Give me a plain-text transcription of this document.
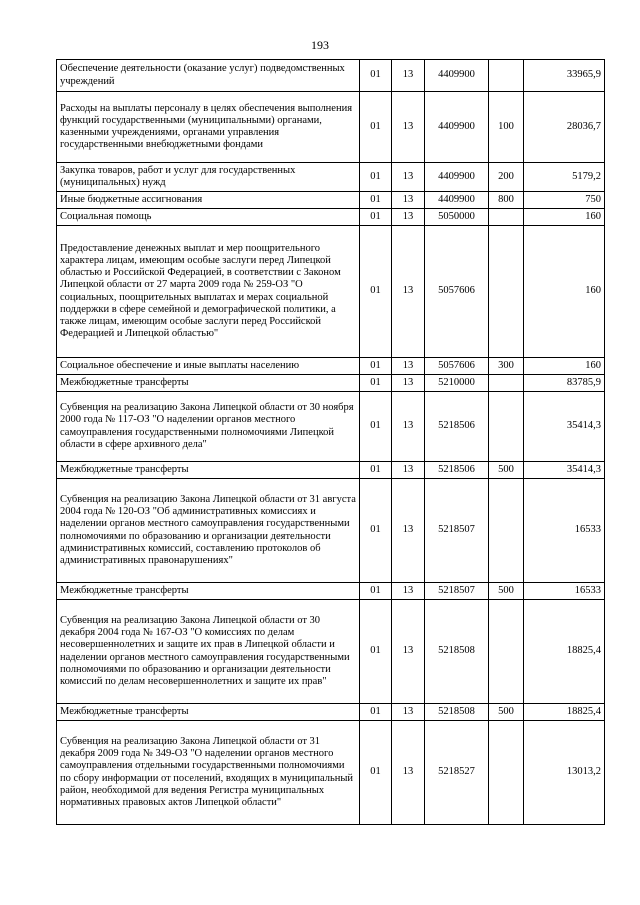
193
Обеспечение деятельности (оказание услуг) подведомственных учреждений	01	13	4409900		33965,9
Расходы на выплаты персоналу в целях обеспечения выполнения функций государственными (муниципальными) органами, казенными учреждениями, органами управления государственными внебюджетными фондами	01	13	4409900	100	28036,7
Закупка товаров, работ и услуг для государственных (муниципальных) нужд	01	13	4409900	200	5179,2
Иные бюджетные ассигнования	01	13	4409900	800	750
Социальная помощь	01	13	5050000		160
Предоставление денежных выплат и мер поощрительного характера лицам, имеющим особые заслуги перед Липецкой областью и Российской Федерацией, в соответствии с Законом Липецкой области от 27 марта 2009 года № 259-ОЗ "О социальных, поощрительных выплатах и мерах социальной поддержки в сфере семейной и демографической политики, а также лицам, имеющим особые заслуги перед Российской Федерацией и Липецкой областью"	01	13	5057606		160
Социальное обеспечение и иные выплаты населению	01	13	5057606	300	160
Межбюджетные трансферты	01	13	5210000		83785,9
Субвенция на реализацию Закона Липецкой области от 30 ноября 2000 года № 117-ОЗ "О наделении органов местного самоуправления государственными полномочиями Липецкой области в сфере архивного дела"	01	13	5218506		35414,3
Межбюджетные трансферты	01	13	5218506	500	35414,3
Субвенция на реализацию Закона Липецкой области от 31 августа 2004 года № 120-ОЗ "Об административных комиссиях и наделении органов местного самоуправления государственными полномочиями по образованию и организации деятельности административных комиссий, составлению протоколов об административных правонарушениях"	01	13	5218507		16533
Межбюджетные трансферты	01	13	5218507	500	16533
Субвенция на реализацию Закона Липецкой области от 30 декабря 2004 года № 167-ОЗ "О комиссиях по делам несовершеннолетних и защите их прав в Липецкой области и наделении органов местного самоуправления государственными полномочиями по образованию и организации деятельности комиссий по делам несовершеннолетних и защите их прав"	01	13	5218508		18825,4
Межбюджетные трансферты	01	13	5218508	500	18825,4
Субвенция на реализацию Закона Липецкой области от 31 декабря 2009 года № 349-ОЗ "О наделении органов местного самоуправления отдельными государственными полномочиями по сбору информации от поселений, входящих в муниципальный район, необходимой для ведения Регистра муниципальных нормативных правовых актов Липецкой области"	01	13	5218527		13013,2
